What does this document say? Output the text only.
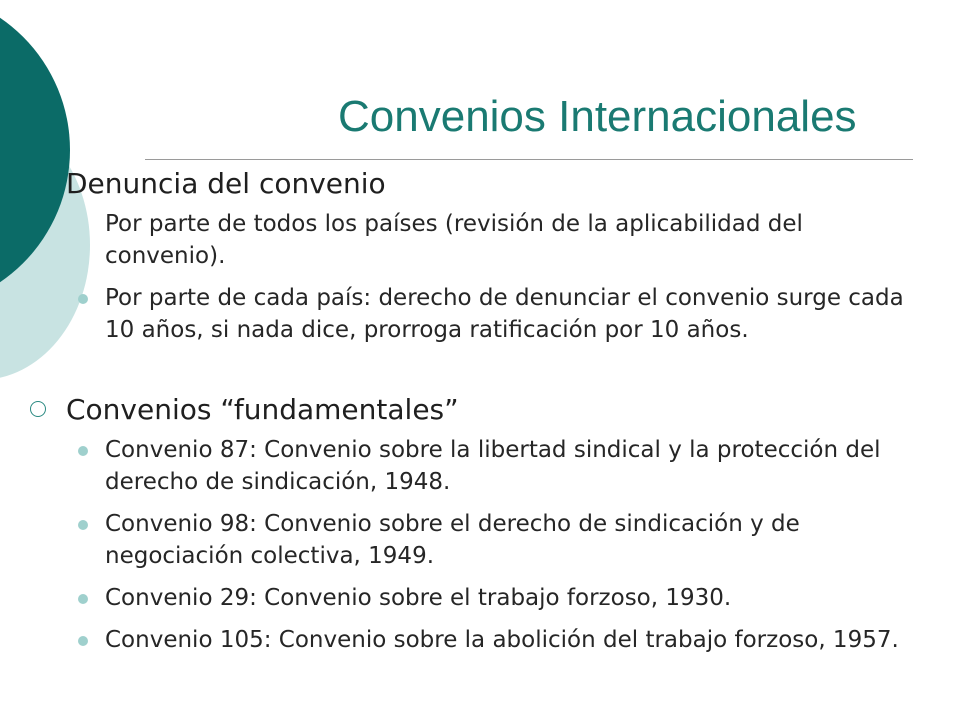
Convenios Internacionales
Denuncia del convenio
Por parte de todos los países (revisión de la aplicabilidad del convenio).
Por parte de cada país: derecho de denunciar el convenio surge cada 10 años, si nada dice, prorroga ratificación por 10 años.
Convenios “fundamentales”
Convenio 87: Convenio sobre la libertad sindical y la protección del derecho de sindicación, 1948.
Convenio 98: Convenio sobre el derecho de sindicación y de negociación colectiva, 1949.
Convenio 29: Convenio sobre el trabajo forzoso, 1930.
Convenio 105: Convenio sobre la abolición del trabajo forzoso, 1957.
